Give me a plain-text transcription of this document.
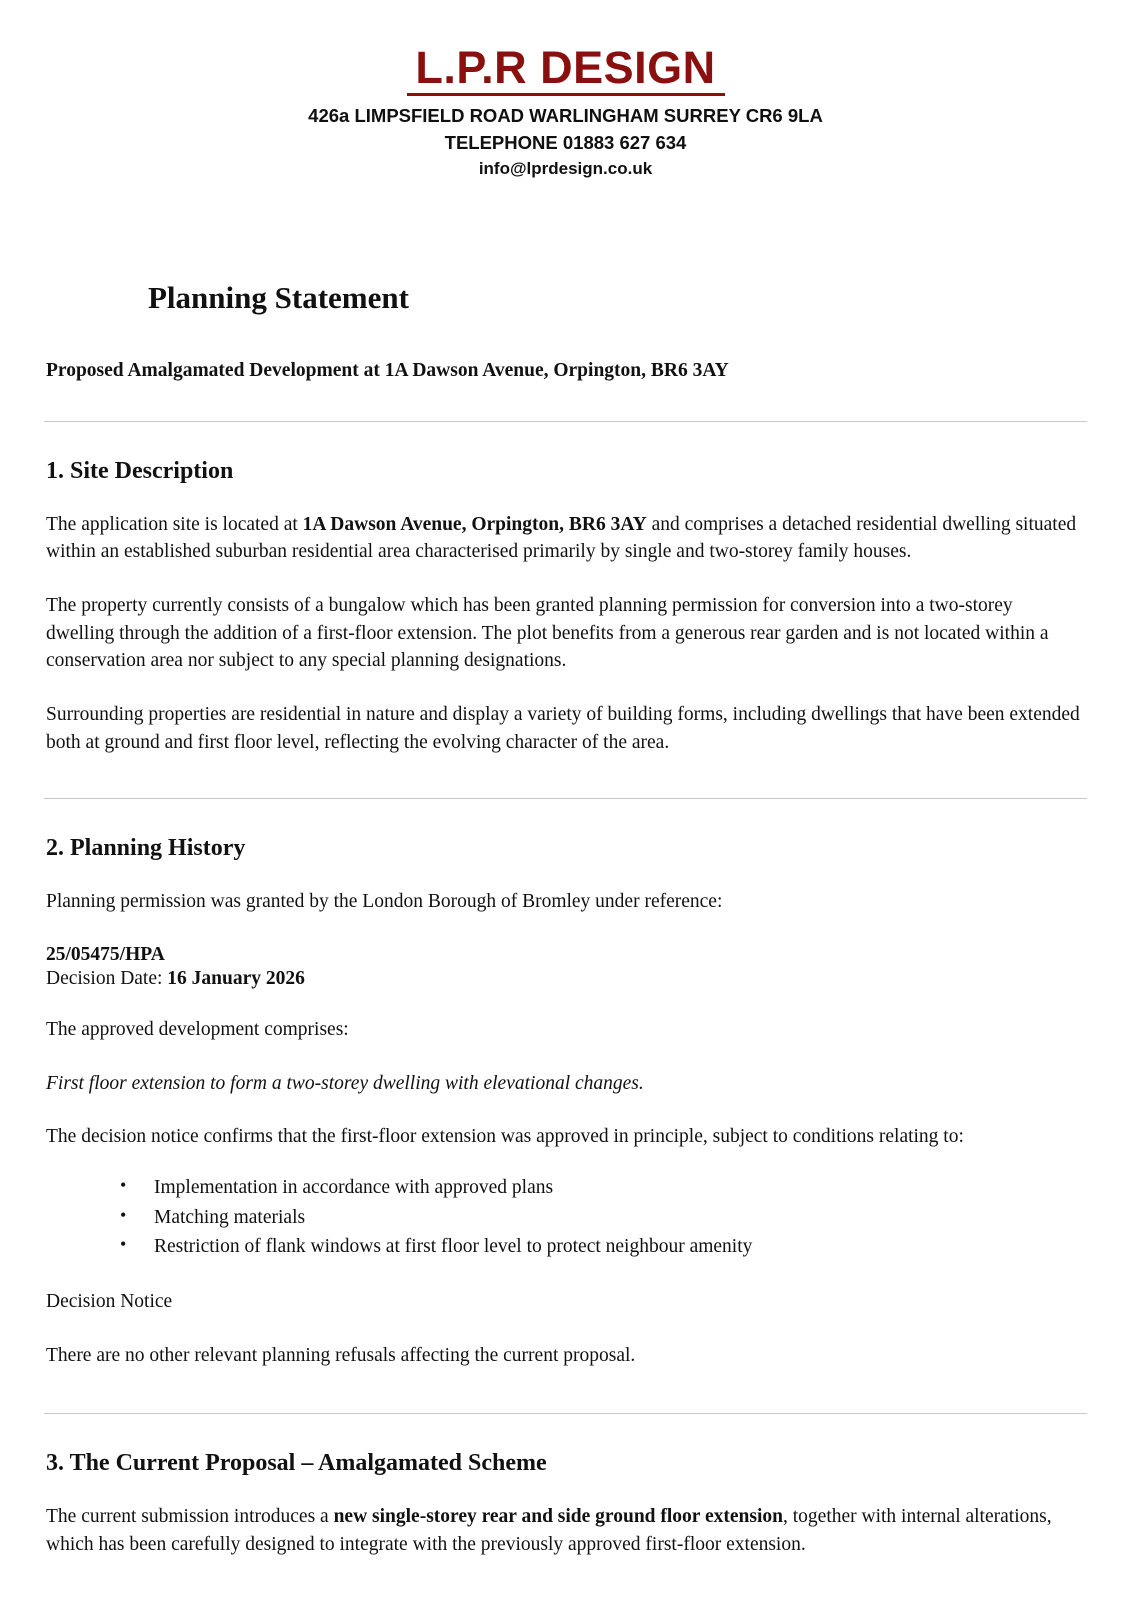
L.P.R DESIGN
426a LIMPSFIELD ROAD WARLINGHAM SURREY CR6 9LA
TELEPHONE 01883 627 634
info@lprdesign.co.uk
Planning Statement
Proposed Amalgamated Development at 1A Dawson Avenue, Orpington, BR6 3AY
1. Site Description

The application site is located at 1A Dawson Avenue, Orpington, BR6 3AY and comprises a detached residential dwelling situated within an established suburban residential area characterised primarily by single and two-storey family houses.

The property currently consists of a bungalow which has been granted planning permission for conversion into a two-storey dwelling through the addition of a first-floor extension. The plot benefits from a generous rear garden and is not located within a conservation area nor subject to any special planning designations.

Surrounding properties are residential in nature and display a variety of building forms, including dwellings that have been extended both at ground and first floor level, reflecting the evolving character of the area.

2. Planning History

Planning permission was granted by the London Borough of Bromley under reference:

25/05475/HPA
Decision Date: 16 January 2026

The approved development comprises:

First floor extension to form a two-storey dwelling with elevational changes.

The decision notice confirms that the first-floor extension was approved in principle, subject to conditions relating to:

• Implementation in accordance with approved plans
• Matching materials
• Restriction of flank windows at first floor level to protect neighbour amenity

Decision Notice

There are no other relevant planning refusals affecting the current proposal.

3. The Current Proposal – Amalgamated Scheme

The current submission introduces a new single-storey rear and side ground floor extension, together with internal alterations, which has been carefully designed to integrate with the previously approved first-floor extension.
